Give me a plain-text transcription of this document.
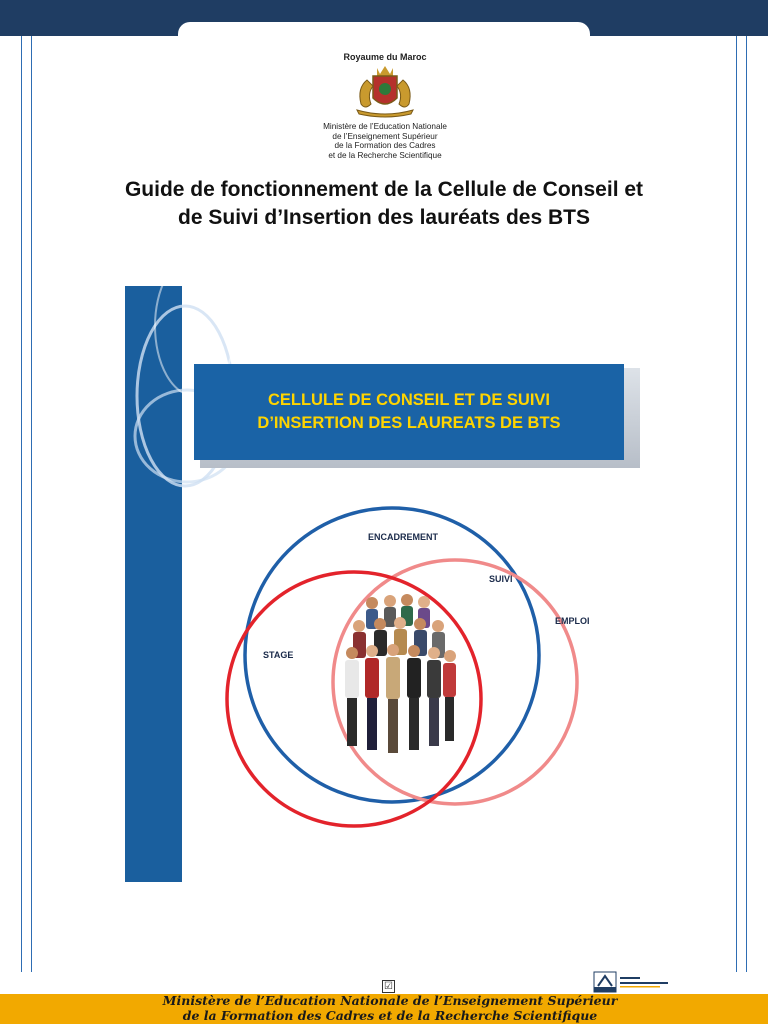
Royaume du Maroc
Ministère de l’Education Nationale
de l’Enseignement Supérieur
de la Formation des Cadres
et de la Recherche Scientifique
Guide de fonctionnement de la Cellule de Conseil et
de Suivi d’Insertion des lauréats des BTS
CELLULE DE CONSEIL ET DE SUIVI
D’INSERTION DES LAUREATS DE BTS
ENCADREMENT
SUIVI
EMPLOI
STAGE
☑
Ministère de l’Education Nationale de l’Enseignement Supérieur
de la Formation des Cadres et de la Recherche Scientifique
